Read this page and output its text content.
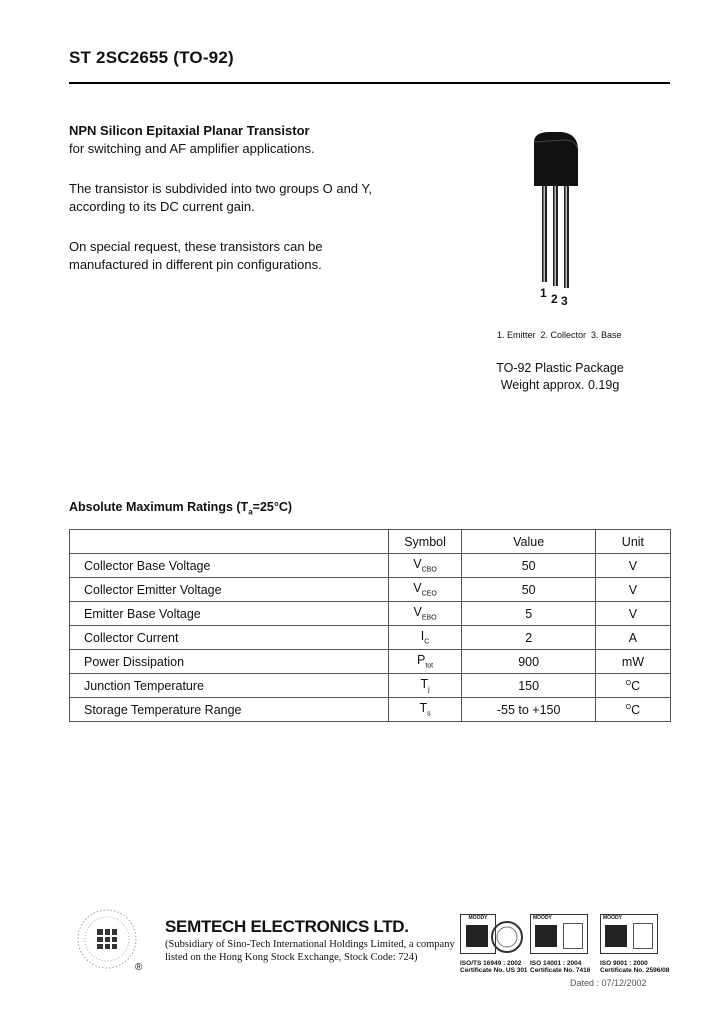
ST 2SC2655 (TO-92)

NPN Silicon Epitaxial Planar Transistor
for switching and AF amplifier applications.

The transistor is subdivided into two groups O and Y, according to its DC current gain.

On special request, these transistors can be manufactured in different pin configurations.

1 2 3
1. Emitter  2. Collector  3. Base
TO-92 Plastic Package
Weight approx. 0.19g
Absolute Maximum Ratings $(T_a=25^\circ C)$
	Symbol	Value	Unit
Collector Base Voltage	$V_{CBO}$	50	V
Collector Emitter Voltage	$V_{CEO}$	50	V
Emitter Base Voltage	$V_{EBO}$	5	V
Collector Current	$I_C$	2	A
Power Dissipation	$P_{tot}$	900	mW
Junction Temperature	$T_j$	150	$^O$C
Storage Temperature Range	$T_s$	-55 to +150	$^O$C
®
SEMTECH ELECTRONICS LTD.
(Subsidiary of Sino-Tech International Holdings Limited, a company
listed on the Hong Kong Stock Exchange, Stock Code: 724)
MOODY
ISO/TS 16949 : 2002
Certificate No. US 301
MOODY
ISO 14001 : 2004
Certificate No. 7416
MOODY
ISO 9001 : 2000
Certificate No. 2596/08
Dated : 07/12/2002
